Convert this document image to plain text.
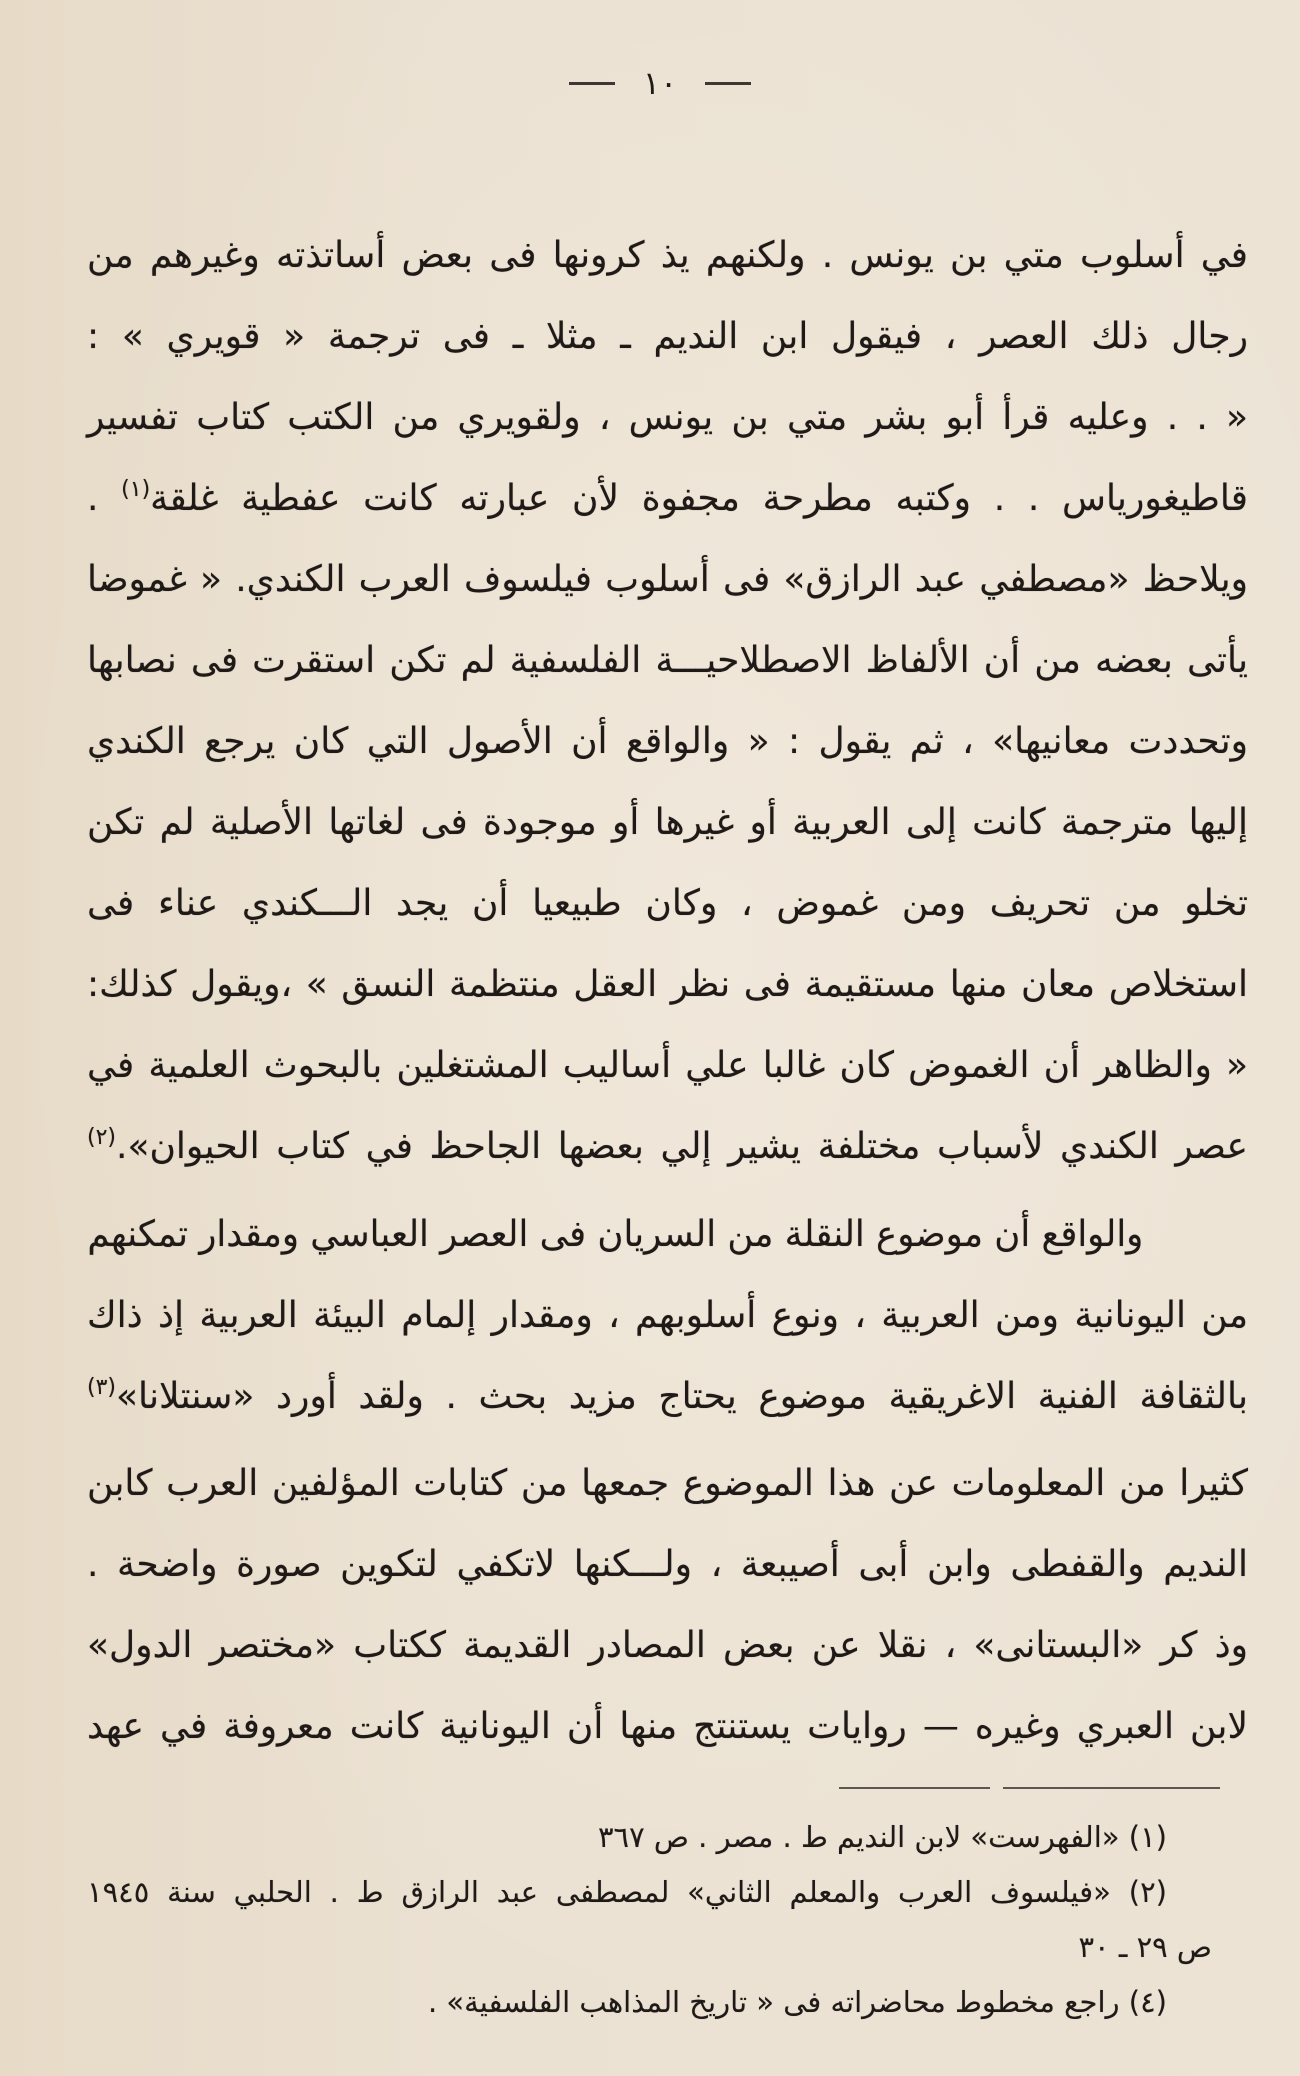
١٠
في أسلوب متي بن يونس . ولكنهم يذ كرونها فى بعض أساتذته وغيرهم من
رجال ذلك العصر ، فيقول ابن النديم ـ مثلا ـ فى ترجمة « قويري » :
« . . وعليه قرأ أبو بشر متي بن يونس ، ولقويري من الكتب كتاب تفسير
قاطيغورياس . . وكتبه مطرحة مجفوة لأن عبارته كانت عفطية غلقة$^{(١)}$ .
ويلاحظ «مصطفي عبد الرازق» فى أسلوب فيلسوف العرب الكندي. « غموضا
يأتى بعضه من أن الألفاظ الاصطلاحيـــة الفلسفية لم تكن استقرت فى نصابها
وتحددت معانيها» ، ثم يقول : « والواقع أن الأصول التي كان يرجع الكندي
إليها مترجمة كانت إلى العربية أو غيرها أو موجودة فى لغاتها الأصلية لم تكن
تخلو من تحريف ومن غموض ، وكان طبيعيا أن يجد الـــكندي عناء فى
استخلاص معان منها مستقيمة فى نظر العقل منتظمة النسق » ،ويقول كذلك:
« والظاهر أن الغموض كان غالبا علي أساليب المشتغلين بالبحوث العلمية في
عصر الكندي لأسباب مختلفة يشير إلي بعضها الجاحظ في كتاب الحيوان».$^{(٢)}$
والواقع أن موضوع النقلة من السريان فى العصر العباسي ومقدار تمكنهم
من اليونانية ومن العربية ، ونوع أسلوبهم ، ومقدار إلمام البيئة العربية إذ ذاك
بالثقافة الفنية الاغريقية موضوع يحتاج مزيد بحث . ولقد أورد «سنتلانا»$^{(٣)}$
كثيرا من المعلومات عن هذا الموضوع جمعها من كتابات المؤلفين العرب كابن
النديم والقفطى وابن أبى أصيبعة ، ولـــكنها لاتكفي لتكوين صورة واضحة .
وذ كر «البستانى» ، نقلا عن بعض المصادر القديمة ككتاب «مختصر الدول»
لابن العبري وغيره — روايات يستنتج منها أن اليونانية كانت معروفة في عهد
(١) «الفهرست» لابن النديم ط . مصر . ص ٣٦٧
(٢) «فيلسوف العرب والمعلم الثاني» لمصطفى عبد الرازق ط . الحلبي سنة ١٩٤٥
ص ٢٩ ـ ٣٠
(٤) راجع مخطوط محاضراته فى « تاريخ المذاهب الفلسفية» .
